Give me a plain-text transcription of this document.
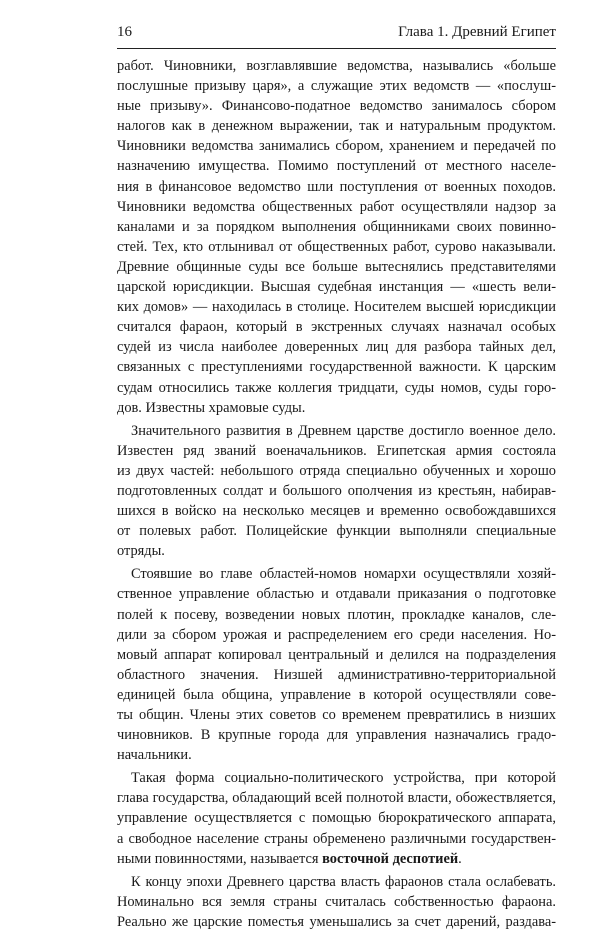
16	Глава 1. Древний Египет

работ. Чиновники, возглавлявшие ведомства, назывались «больше
послушные призыву царя», а служащие этих ведомств — «послуш-
ные призыву». Финансово-податное ведомство занималось сбором
налогов как в денежном выражении, так и натуральным продуктом.
Чиновники ведомства занимались сбором, хранением и передачей по
назначению имущества. Помимо поступлений от местного населе-
ния в финансовое ведомство шли поступления от военных походов.
Чиновники ведомства общественных работ осуществляли надзор за
каналами и за порядком выполнения общинниками своих повинно-
стей. Тех, кто отлынивал от общественных работ, сурово наказывали.
Древние общинные суды все больше вытеснялись представителями
царской юрисдикции. Высшая судебная инстанция — «шесть вели-
ких домов» — находилась в столице. Носителем высшей юрисдикции
считался фараон, который в экстренных случаях назначал особых
судей из числа наиболее доверенных лиц для разбора тайных дел,
связанных с преступлениями государственной важности. К царским
судам относились также коллегия тридцати, суды номов, суды горо-
дов. Известны храмовые суды.

Значительного развития в Древнем царстве достигло военное дело.
Известен ряд званий военачальников. Египетская армия состояла
из двух частей: небольшого отряда специально обученных и хорошо
подготовленных солдат и большого ополчения из крестьян, набирав-
шихся в войско на несколько месяцев и временно освобождавшихся
от полевых работ. Полицейские функции выполняли специальные
отряды.

Стоявшие во главе областей-номов номархи осуществляли хозяй-
ственное управление областью и отдавали приказания о подготовке
полей к посеву, возведении новых плотин, прокладке каналов, сле-
дили за сбором урожая и распределением его среди населения. Но-
мовый аппарат копировал центральный и делился на подразделения
областного значения. Низшей административно-территориальной
единицей была община, управление в которой осуществляли сове-
ты общин. Члены этих советов со временем превратились в низших
чиновников. В крупные города для управления назначались градо-
начальники.

Такая форма социально-политического устройства, при которой
глава государства, обладающий всей полнотой власти, обожествляется,
управление осуществляется с помощью бюрократического аппарата,
а свободное население страны обременено различными государствен-
ными повинностями, называется восточной деспотией.

К концу эпохи Древнего царства власть фараонов стала ослабевать.
Номинально вся земля страны считалась собственностью фараона.
Реально же царские поместья уменьшались за счет дарений, раздава-
